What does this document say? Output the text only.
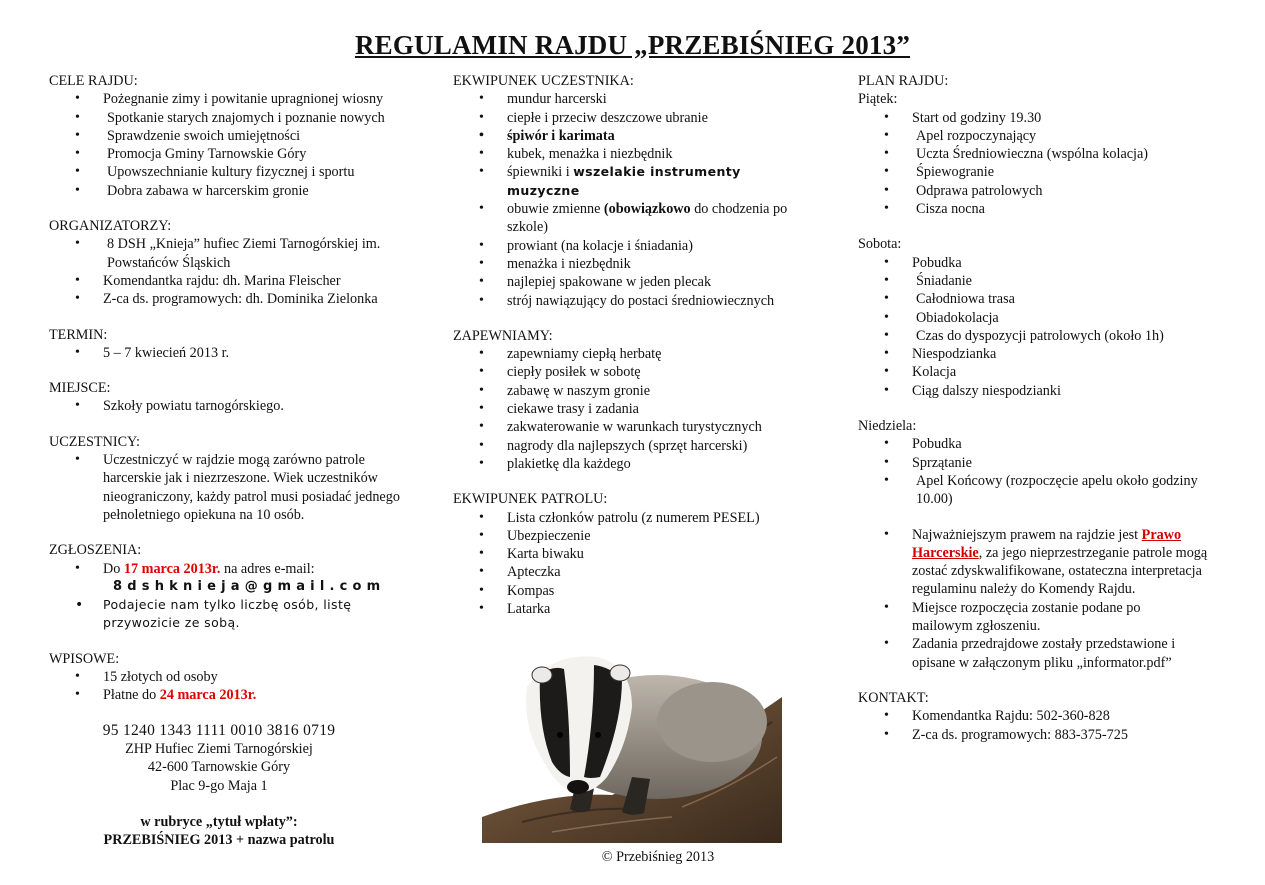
REGULAMIN RAJDU „PRZEBIŚNIEG 2013”
CELE RAJDU:
• Pożegnanie zimy i powitanie upragnionej wiosny
• Spotkanie starych znajomych i poznanie nowych
• Sprawdzenie swoich umiejętności
• Promocja Gminy Tarnowskie Góry
• Upowszechnianie kultury fizycznej i sportu
• Dobra zabawa w harcerskim gronie
ORGANIZATORZY:
• 8 DSH „Knieja” hufiec Ziemi Tarnogórskiej im. Powstańców Śląskich
• Komendantka rajdu: dh. Marina Fleischer
• Z-ca ds. programowych: dh. Dominika Zielonka
TERMIN:
• 5 – 7 kwiecień 2013 r.
MIEJSCE:
• Szkoły powiatu tarnogórskiego.
UCZESTNICY:
• Uczestniczyć w rajdzie mogą zarówno patrole harcerskie jak i niezrzeszone. Wiek uczestników nieograniczony, każdy patrol musi posiadać jednego pełnoletniego opiekuna na 10 osób.
ZGŁOSZENIA:
• Do 17 marca 2013r. na adres e-mail:
8dshknieja@gmail.com
• Podajecie nam tylko liczbę osób, listę przywozicie ze sobą.
WPISOWE:
• 15 złotych od osoby
• Płatne do 24 marca 2013r.
95 1240 1343 1111 0010 3816 0719
ZHP Hufiec Ziemi Tarnogórskiej
42-600 Tarnowskie Góry
Plac 9-go Maja 1
w rubryce „tytuł wpłaty”:
PRZEBIŚNIEG 2013 + nazwa patrolu
EKWIPUNEK UCZESTNIKA:
• mundur harcerski
• ciepłe i przeciw deszczowe ubranie
• śpiwór i karimata
• kubek, menażka i niezbędnik
• śpiewniki i wszelakie instrumenty muzyczne
• obuwie zmienne (obowiązkowo do chodzenia po szkole)
• prowiant (na kolacje i śniadania)
• menażka i niezbędnik
• najlepiej spakowane w jeden plecak
• strój nawiązujący do postaci średniowiecznych
ZAPEWNIAMY:
• zapewniamy ciepłą herbatę
• ciepły posiłek w sobotę
• zabawę w naszym gronie
• ciekawe trasy i zadania
• zakwaterowanie w warunkach turystycznych
• nagrody dla najlepszych (sprzęt harcerski)
• plakietkę dla każdego
EKWIPUNEK PATROLU:
• Lista członków patrolu (z numerem PESEL)
• Ubezpieczenie
• Karta biwaku
• Apteczka
• Kompas
• Latarka
© Przebiśnieg 2013
PLAN RAJDU:
Piątek:
• Start od godziny 19.30
• Apel rozpoczynający
• Uczta Średniowieczna (wspólna kolacja)
• Śpiewogranie
• Odprawa patrolowych
• Cisza nocna
Sobota:
• Pobudka
• Śniadanie
• Całodniowa trasa
• Obiadokolacja
• Czas do dyspozycji patrolowych (około 1h)
• Niespodzianka
• Kolacja
• Ciąg dalszy niespodzianki
Niedziela:
• Pobudka
• Sprzątanie
• Apel Końcowy (rozpoczęcie apelu około godziny 10.00)
• Najważniejszym prawem na rajdzie jest Prawo Harcerskie, za jego nieprzestrzeganie patrole mogą zostać zdyskwalifikowane, ostateczna interpretacja regulaminu należy do Komendy Rajdu.
• Miejsce rozpoczęcia zostanie podane po mailowym zgłoszeniu.
• Zadania przedrajdowe zostały przedstawione i opisane w załączonym pliku „informator.pdf”
KONTAKT:
• Komendantka Rajdu: 502-360-828
• Z-ca ds. programowych: 883-375-725
